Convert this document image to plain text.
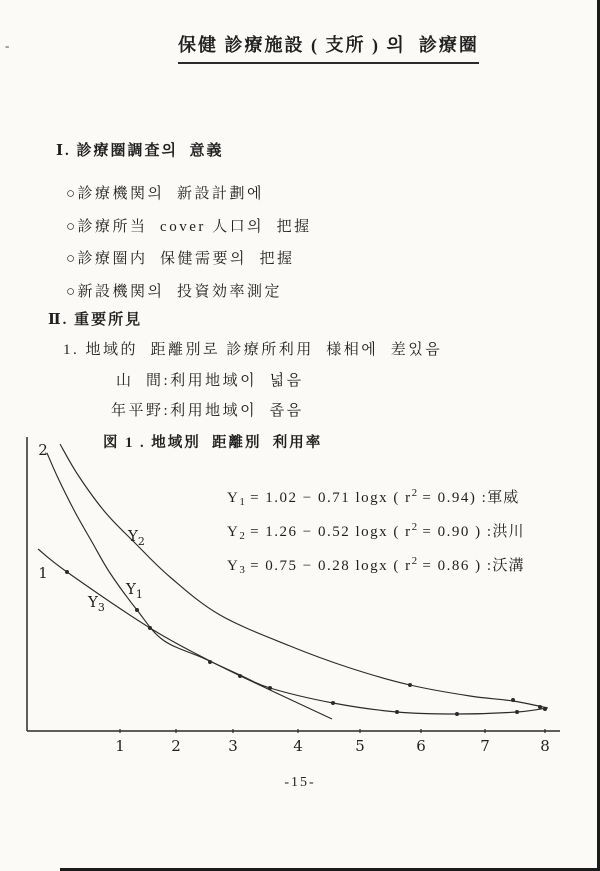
1	2	3	4	5	6	7	8
2
1
$Y_1$
$Y_2$
$Y_3$
-	保健 診療施設 ( 支所 ) 의  診療圈
Ⅰ. 診療圈調査의  意義
○診療機関의  新設計劃에
○診療所当  cover 人口의  把握
○診療圈内  保健需要의  把握
○新設機関의  投資効率測定
Ⅱ. 重要所見
1. 地域的  距離別로 診療所利用  様相에  差있음
山  間:利用地域이  넓음
年平野:利用地域이  좁음
図 1 . 地域別  距離別  利用率
$Y_1 = 1.02 - 0.71$ logx ( $r^2 = 0.94$) :軍威
$Y_2 = 1.26 - 0.52$ logx ( $r^2 = 0.90$ ) :洪川
$Y_3 = 0.75 - 0.28$ logx ( $r^2 = 0.86$ ) :沃溝
-15-
